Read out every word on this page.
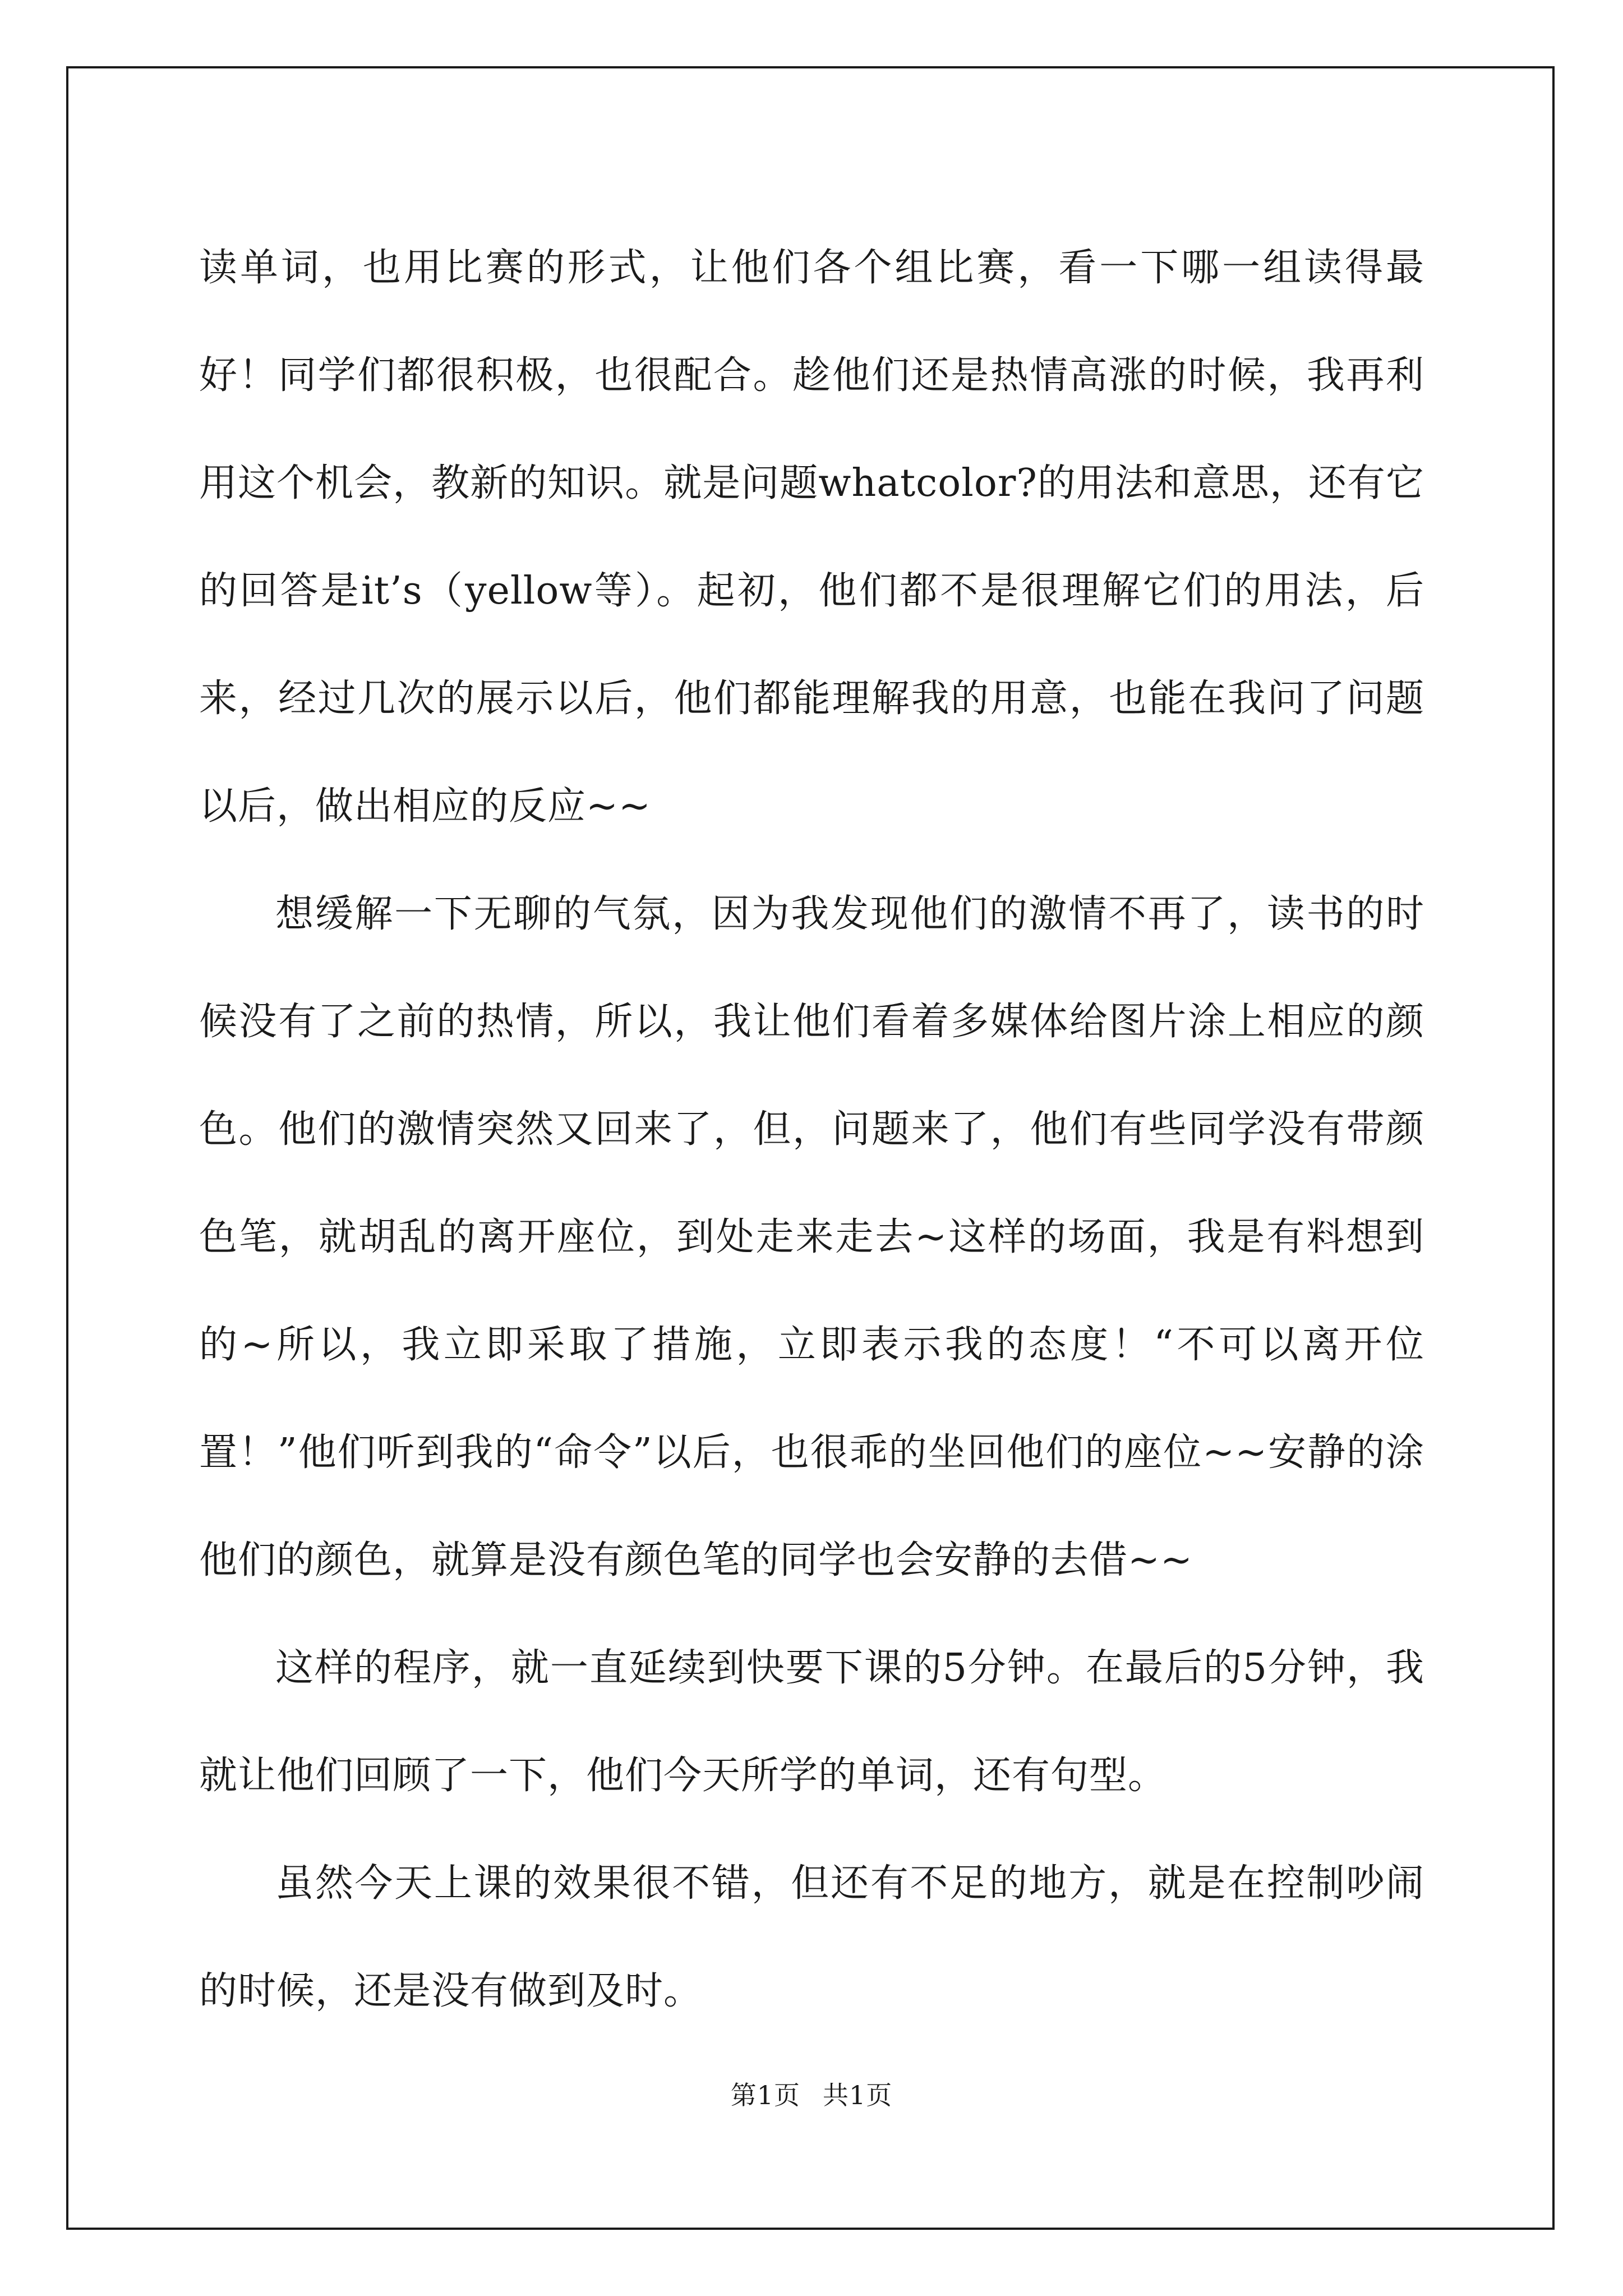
读单词，也用比赛的形式，让他们各个组比赛，看一下哪一组读得最好！同学们都很积极，也很配合。趁他们还是热情高涨的时候，我再利用这个机会，教新的知识。就是问题whatcolor?的用法和意思，还有它的回答是it’s（yellow等）。起初，他们都不是很理解它们的用法，后来，经过几次的展示以后，他们都能理解我的用意，也能在我问了问题以后，做出相应的反应~~

想缓解一下无聊的气氛，因为我发现他们的激情不再了，读书的时候没有了之前的热情，所以，我让他们看着多媒体给图片涂上相应的颜色。他们的激情突然又回来了，但，问题来了，他们有些同学没有带颜色笔，就胡乱的离开座位，到处走来走去~这样的场面，我是有料想到的~所以，我立即采取了措施，立即表示我的态度！“不可以离开位置！”他们听到我的“命令”以后，也很乖的坐回他们的座位~~安静的涂他们的颜色，就算是没有颜色笔的同学也会安静的去借~~

这样的程序，就一直延续到快要下课的5分钟。在最后的5分钟，我就让他们回顾了一下，他们今天所学的单词，还有句型。

虽然今天上课的效果很不错，但还有不足的地方，就是在控制吵闹的时候，还是没有做到及时。

第1页 共1页
